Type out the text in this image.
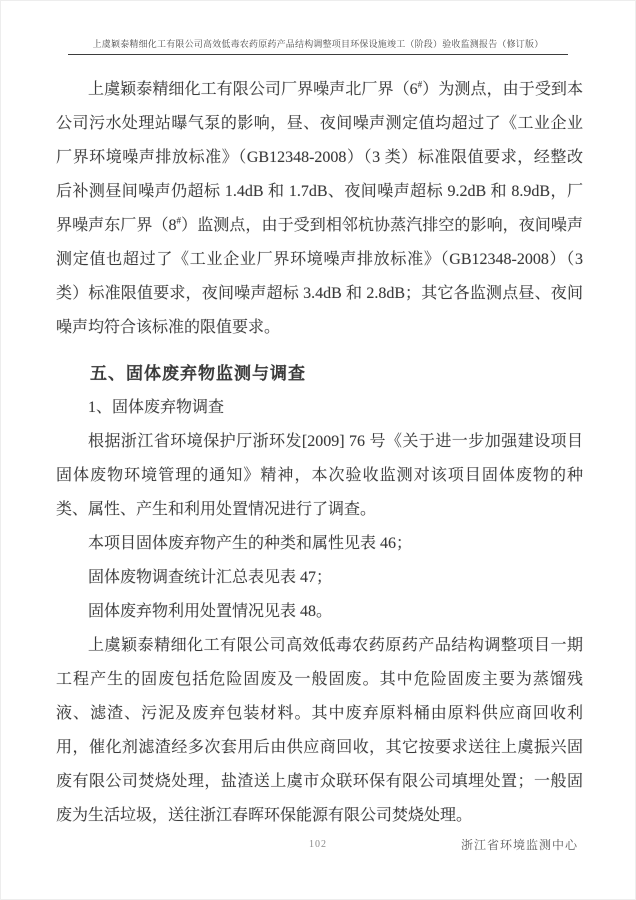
上虞颖泰精细化工有限公司高效低毒农药原药产品结构调整项目环保设施竣工（阶段）验收监测报告（修订版）

上虞颖泰精细化工有限公司厂界噪声北厂界（6#）为测点，由于受到本公司污水处理站曝气泵的影响，昼、夜间噪声测定值均超过了《工业企业厂界环境噪声排放标准》（GB12348-2008）（3 类）标准限值要求，经整改后补测昼间噪声仍超标 1.4dB 和 1.7dB、夜间噪声超标 9.2dB 和 8.9dB，厂界噪声东厂界（8#）监测点，由于受到相邻杭协蒸汽排空的影响，夜间噪声测定值也超过了《工业企业厂界环境噪声排放标准》（GB12348-2008）（3 类）标准限值要求，夜间噪声超标 3.4dB 和 2.8dB；其它各监测点昼、夜间噪声均符合该标准的限值要求。

五、固体废弃物监测与调查

1、固体废弃物调查

根据浙江省环境保护厅浙环发[2009] 76 号《关于进一步加强建设项目固体废物环境管理的通知》精神，本次验收监测对该项目固体废物的种类、属性、产生和利用处置情况进行了调查。

本项目固体废弃物产生的种类和属性见表 46；

固体废物调查统计汇总表见表 47；

固体废弃物利用处置情况见表 48。

上虞颖泰精细化工有限公司高效低毒农药原药产品结构调整项目一期工程产生的固废包括危险固废及一般固废。其中危险固废主要为蒸馏残液、滤渣、污泥及废弃包装材料。其中废弃原料桶由原料供应商回收利用，催化剂滤渣经多次套用后由供应商回收，其它按要求送往上虞振兴固废有限公司焚烧处理，盐渣送上虞市众联环保有限公司填埋处置；一般固废为生活垃圾，送往浙江春晖环保能源有限公司焚烧处理。

102	浙江省环境监测中心
